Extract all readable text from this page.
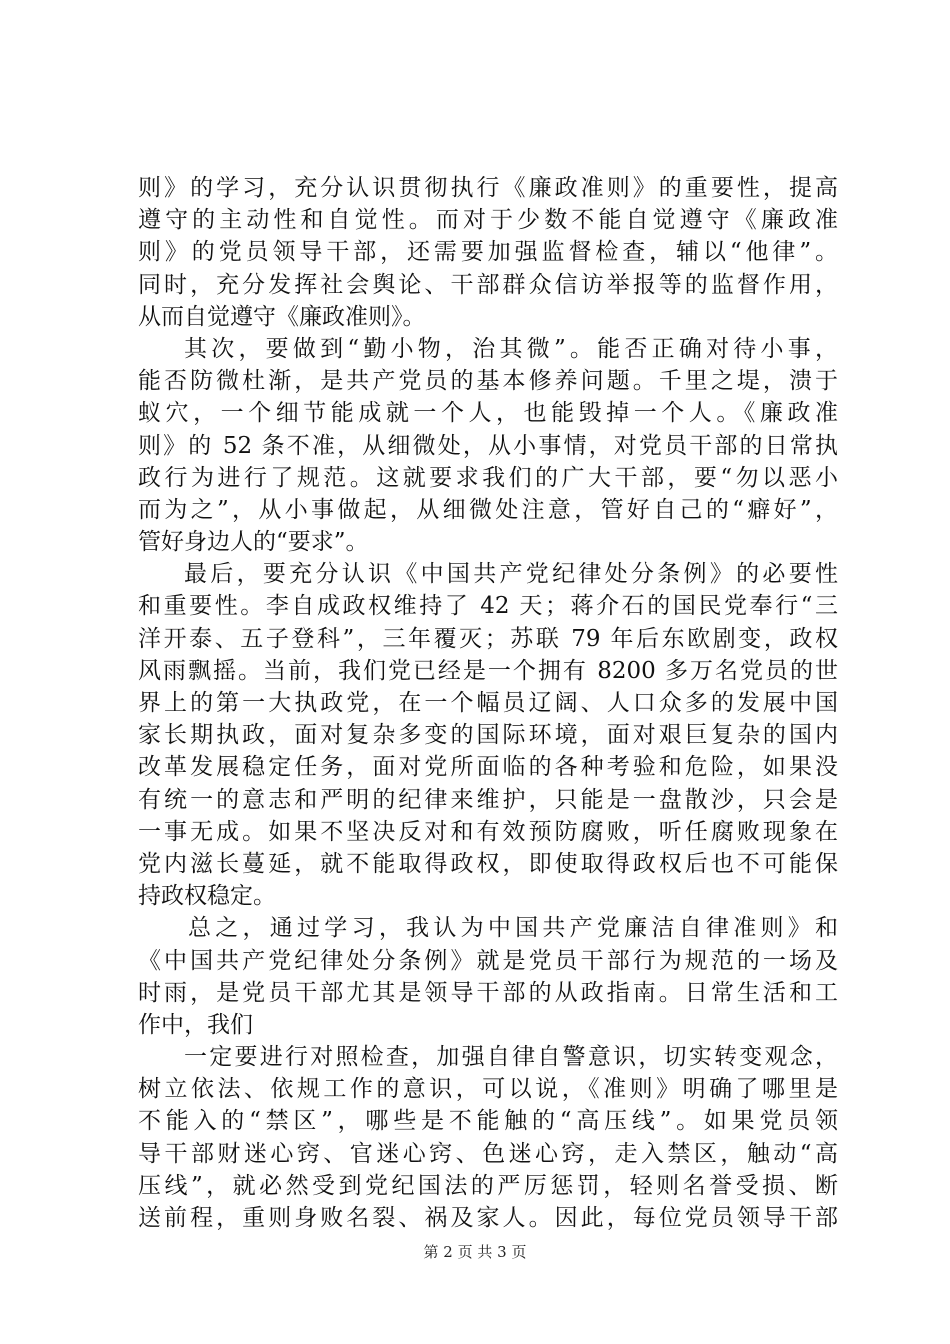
则》的学习，充分认识贯彻执行《廉政准则》的重要性，提高
遵守的主动性和自觉性。而对于少数不能自觉遵守《廉政准
则》的党员领导干部，还需要加强监督检查，辅以“他律”。
同时，充分发挥社会舆论、干部群众信访举报等的监督作用，
从而自觉遵守《廉政准则》。
其次，要做到“勤小物，治其微”。能否正确对待小事，
能否防微杜渐，是共产党员的基本修养问题。千里之堤，溃于
蚁穴，一个细节能成就一个人，也能毁掉一个人。《廉政准
则》的 52 条不准，从细微处，从小事情，对党员干部的日常执
政行为进行了规范。这就要求我们的广大干部，要“勿以恶小
而为之”，从小事做起，从细微处注意，管好自己的“癖好”，
管好身边人的“要求”。
最后，要充分认识《中国共产党纪律处分条例》的必要性
和重要性。李自成政权维持了 42 天；蒋介石的国民党奉行“三
洋开泰、五子登科”，三年覆灭；苏联 79 年后东欧剧变，政权
风雨飘摇。当前，我们党已经是一个拥有 8200 多万名党员的世
界上的第一大执政党，在一个幅员辽阔、人口众多的发展中国
家长期执政，面对复杂多变的国际环境，面对艰巨复杂的国内
改革发展稳定任务，面对党所面临的各种考验和危险，如果没
有统一的意志和严明的纪律来维护，只能是一盘散沙，只会是
一事无成。如果不坚决反对和有效预防腐败，听任腐败现象在
党内滋长蔓延，就不能取得政权，即使取得政权后也不可能保
持政权稳定。
总之，通过学习，我认为中国共产党廉洁自律准则》和
《中国共产党纪律处分条例》就是党员干部行为规范的一场及
时雨，是党员干部尤其是领导干部的从政指南。日常生活和工
作中，我们
一定要进行对照检查，加强自律自警意识，切实转变观念，
树立依法、依规工作的意识，可以说，《准则》明确了哪里是
不能入的“禁区”，哪些是不能触的“高压线”。如果党员领
导干部财迷心窍、官迷心窍、色迷心窍，走入禁区，触动“高
压线”，就必然受到党纪国法的严厉惩罚，轻则名誉受损、断
送前程，重则身败名裂、祸及家人。因此，每位党员领导干部
第 2 页 共 3 页
